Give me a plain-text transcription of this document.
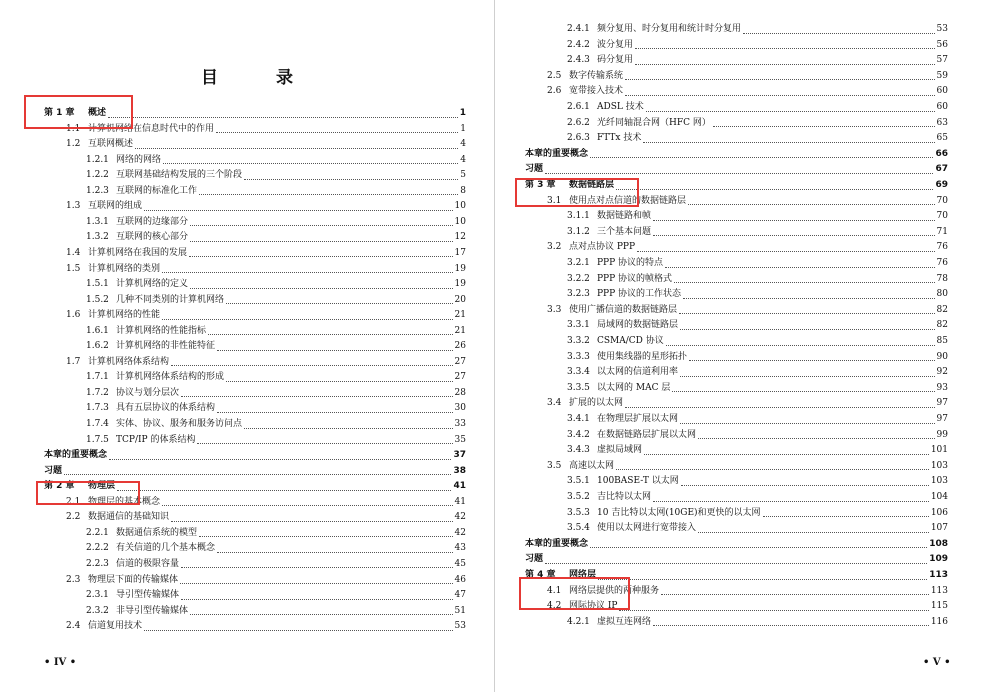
目 录
第 1 章	概述	1
1.1 计算机网络在信息时代中的作用	1
1.2 互联网概述	4
1.2.1 网络的网络	4
1.2.2 互联网基础结构发展的三个阶段	5
1.2.3 互联网的标准化工作	8
1.3 互联网的组成	10
1.3.1 互联网的边缘部分	10
1.3.2 互联网的核心部分	12
1.4 计算机网络在我国的发展	17
1.5 计算机网络的类别	19
1.5.1 计算机网络的定义	19
1.5.2 几种不同类别的计算机网络	20
1.6 计算机网络的性能	21
1.6.1 计算机网络的性能指标	21
1.6.2 计算机网络的非性能特征	26
1.7 计算机网络体系结构	27
1.7.1 计算机网络体系结构的形成	27
1.7.2 协议与划分层次	28
1.7.3 具有五层协议的体系结构	30
1.7.4 实体、协议、服务和服务访问点	33
1.7.5 TCP/IP 的体系结构	35
本章的重要概念	37
习题	38
第 2 章	物理层	41
2.1 物理层的基本概念	41
2.2 数据通信的基础知识	42
2.2.1 数据通信系统的模型	42
2.2.2 有关信道的几个基本概念	43
2.2.3 信道的极限容量	45
2.3 物理层下面的传输媒体	46
2.3.1 导引型传输媒体	47
2.3.2 非导引型传输媒体	51
2.4 信道复用技术	53
• IV •
2.4.1 频分复用、时分复用和统计时分复用	53
2.4.2 波分复用	56
2.4.3 码分复用	57
2.5 数字传输系统	59
2.6 宽带接入技术	60
2.6.1 ADSL 技术	60
2.6.2 光纤同轴混合网（HFC 网）	63
2.6.3 FTTx 技术	65
本章的重要概念	66
习题	67
第 3 章	数据链路层	69
3.1 使用点对点信道的数据链路层	70
3.1.1 数据链路和帧	70
3.1.2 三个基本问题	71
3.2 点对点协议 PPP	76
3.2.1 PPP 协议的特点	76
3.2.2 PPP 协议的帧格式	78
3.2.3 PPP 协议的工作状态	80
3.3 使用广播信道的数据链路层	82
3.3.1 局域网的数据链路层	82
3.3.2 CSMA/CD 协议	85
3.3.3 使用集线器的星形拓扑	90
3.3.4 以太网的信道利用率	92
3.3.5 以太网的 MAC 层	93
3.4 扩展的以太网	97
3.4.1 在物理层扩展以太网	97
3.4.2 在数据链路层扩展以太网	99
3.4.3 虚拟局域网	101
3.5 高速以太网	103
3.5.1 100BASE-T 以太网	103
3.5.2 吉比特以太网	104
3.5.3 10 吉比特以太网(10GE)和更快的以太网	106
3.5.4 使用以太网进行宽带接入	107
本章的重要概念	108
习题	109
第 4 章	网络层	113
4.1 网络层提供的两种服务	113
4.2 网际协议 IP	115
4.2.1 虚拟互连网络	116
• V •
